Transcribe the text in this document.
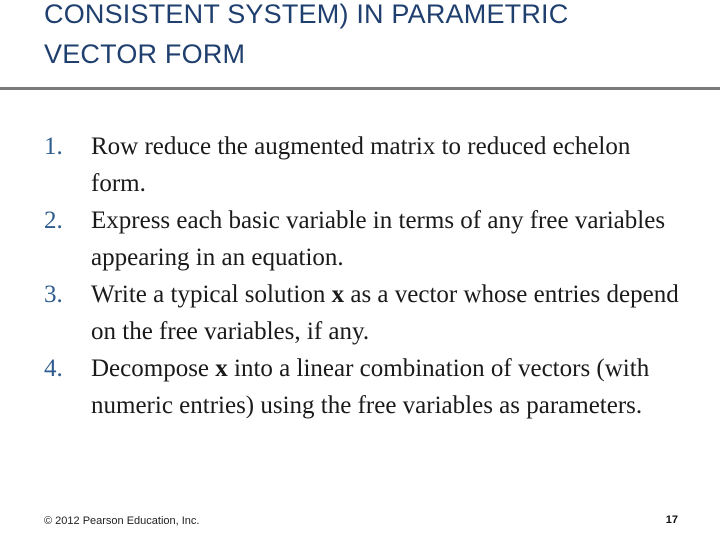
CONSISTENT SYSTEM) IN PARAMETRIC
VECTOR FORM
1.	Row reduce the augmented matrix to reduced echelon form.
2.	Express each basic variable in terms of any free variables appearing in an equation.
3.	Write a typical solution x as a vector whose entries depend on the free variables, if any.
4.	Decompose x into a linear combination of vectors (with numeric entries) using the free variables as parameters.
© 2012 Pearson Education, Inc.	17
